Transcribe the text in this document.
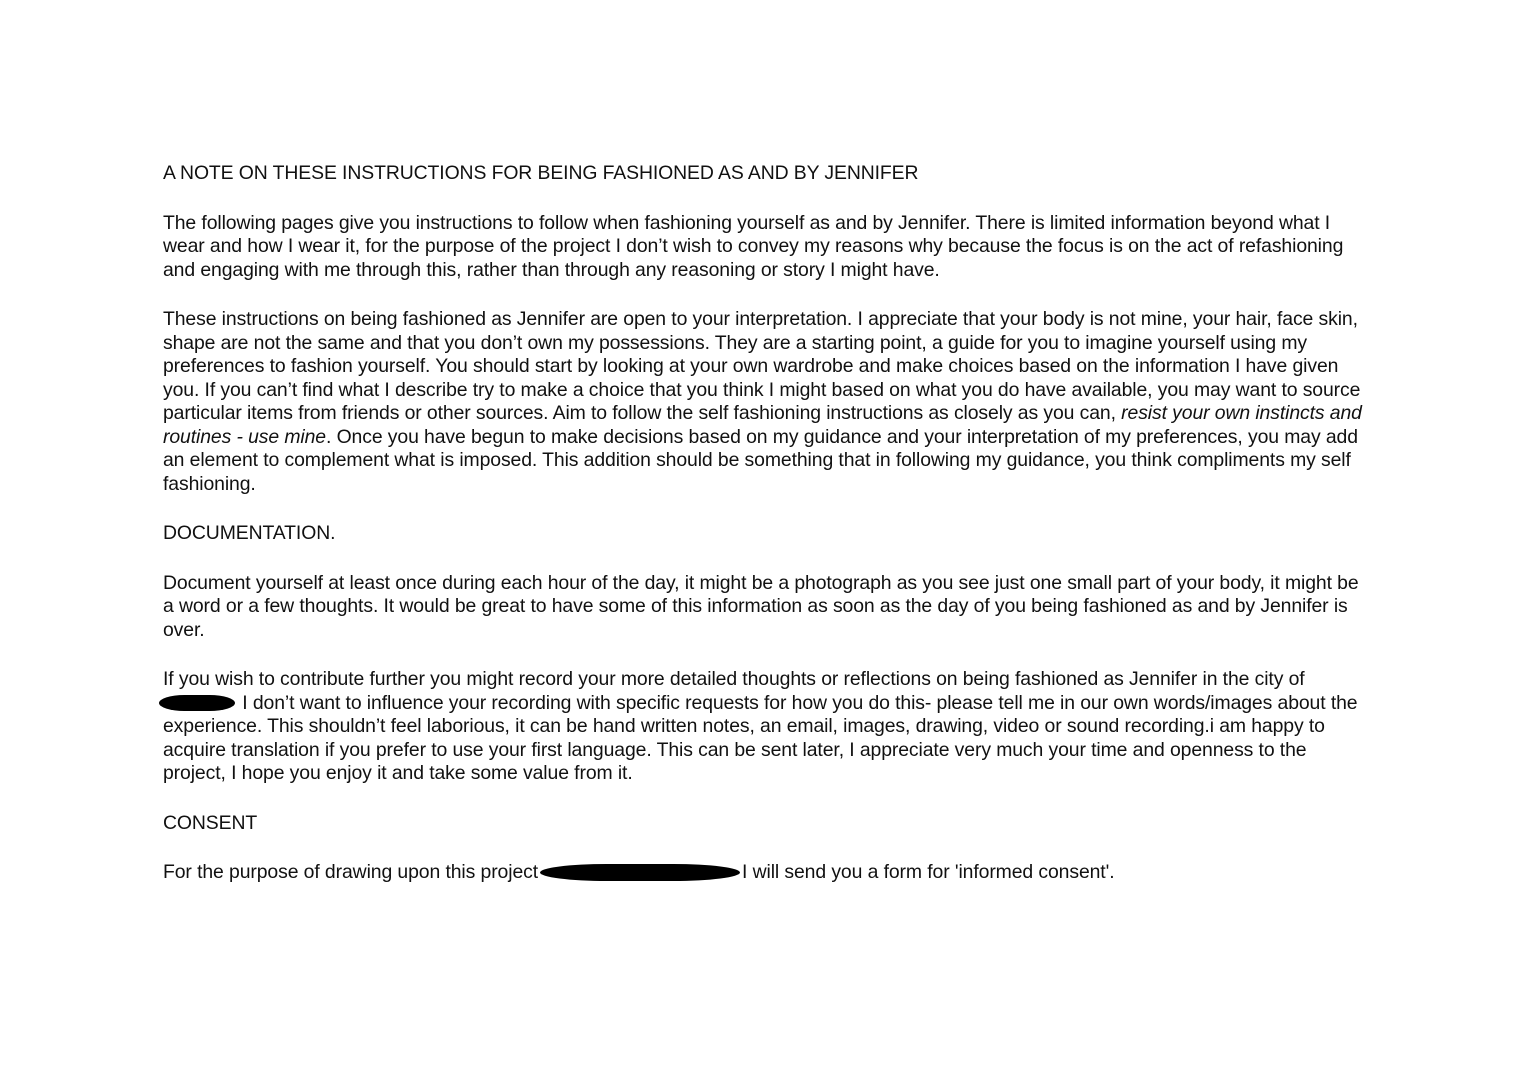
A NOTE ON THESE INSTRUCTIONS FOR BEING FASHIONED AS AND BY JENNIFER

The following pages give you instructions to follow when fashioning yourself as and by Jennifer. There is limited information beyond what I wear and how I wear it, for the purpose of the project I don’t wish to convey my reasons why because the focus is on the act of refashioning and engaging with me through this, rather than through any reasoning or story I might have.

These instructions on being fashioned as Jennifer are open to your interpretation. I appreciate that your body is not mine, your hair, face skin, shape are not the same and that you don’t own my possessions. They are a starting point, a guide for you to imagine yourself using my preferences to fashion yourself. You should start by looking at your own wardrobe and make choices based on the information I have given you. If you can’t find what I describe try to make a choice that you think I might based on what you do have available, you may want to source particular items from friends or other sources. Aim to follow the self fashioning instructions as closely as you can, resist your own instincts and routines - use mine. Once you have begun to make decisions based on my guidance and your interpretation of my preferences, you may add an element to complement what is imposed. This addition should be something that in following my guidance, you think compliments my self fashioning.

DOCUMENTATION.

Document yourself at least once during each hour of the day, it might be a photograph as you see just one small part of your body, it might be a word or a few thoughts. It would be great to have some of this information as soon as the day of you being fashioned as and by Jennifer is over.

If you wish to contribute further you might record your more detailed thoughts or reflections on being fashioned as Jennifer in the city of I don’t want to influence your recording with specific requests for how you do this- please tell me in our own words/images about the experience. This shouldn’t feel laborious, it can be hand written notes, an email, images, drawing, video or sound recording.i am happy to acquire translation if you prefer to use your first language. This can be sent later, I appreciate very much your time and openness to the project, I hope you enjoy it and take some value from it.

CONSENT

For the purpose of drawing upon this project	I will send you a form for 'informed consent'.
